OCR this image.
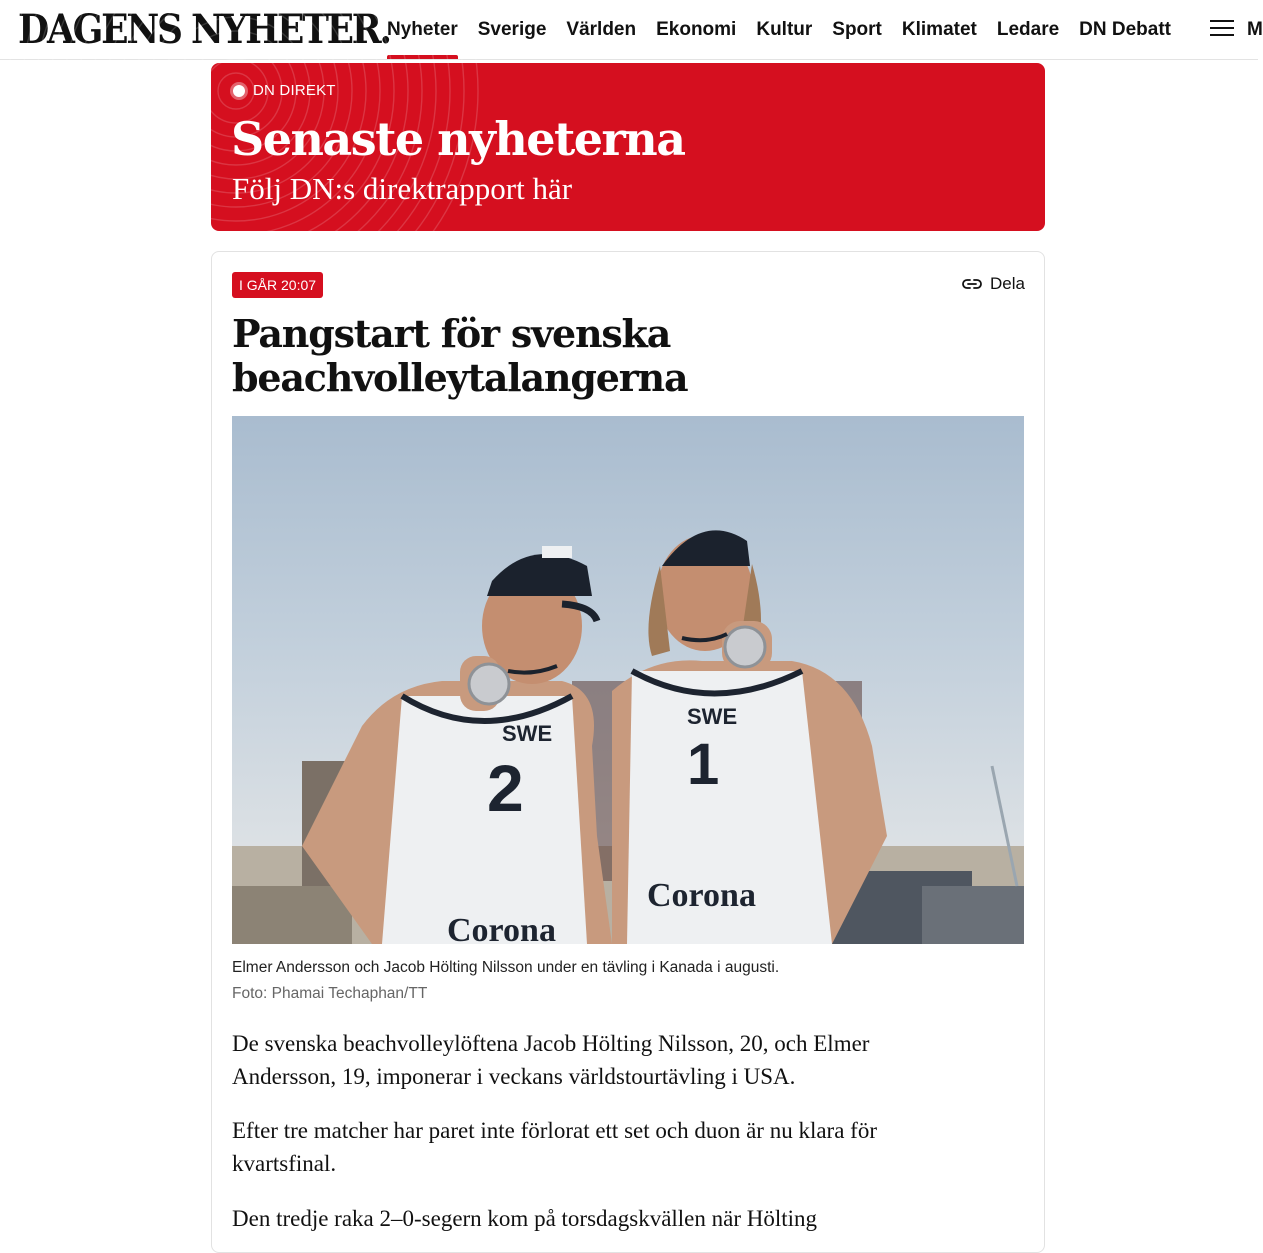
DAGENS NYHETER.
Nyheter	Sverige	Världen	Ekonomi	Kultur	Sport	Klimatet	Ledare	DN Debatt	M
DN DIREKT
Senaste nyheterna
Följ DN:s direktrapport här
I GÅR 20:07	Dela
Pangstart för svenska
beachvolleytalangerna
SWE
2
Corona
SWE
1
Corona
Elmer Andersson och Jacob Hölting Nilsson under en tävling i Kanada i augusti.
Foto: Phamai Techaphan/TT

De svenska beachvolleylöftena Jacob Hölting Nilsson, 20, och Elmer Andersson, 19, imponerar i veckans världstourtävling i USA.

Efter tre matcher har paret inte förlorat ett set och duon är nu klara för kvartsfinal.

Den tredje raka 2–0-segern kom på torsdagskvällen när Hölting
